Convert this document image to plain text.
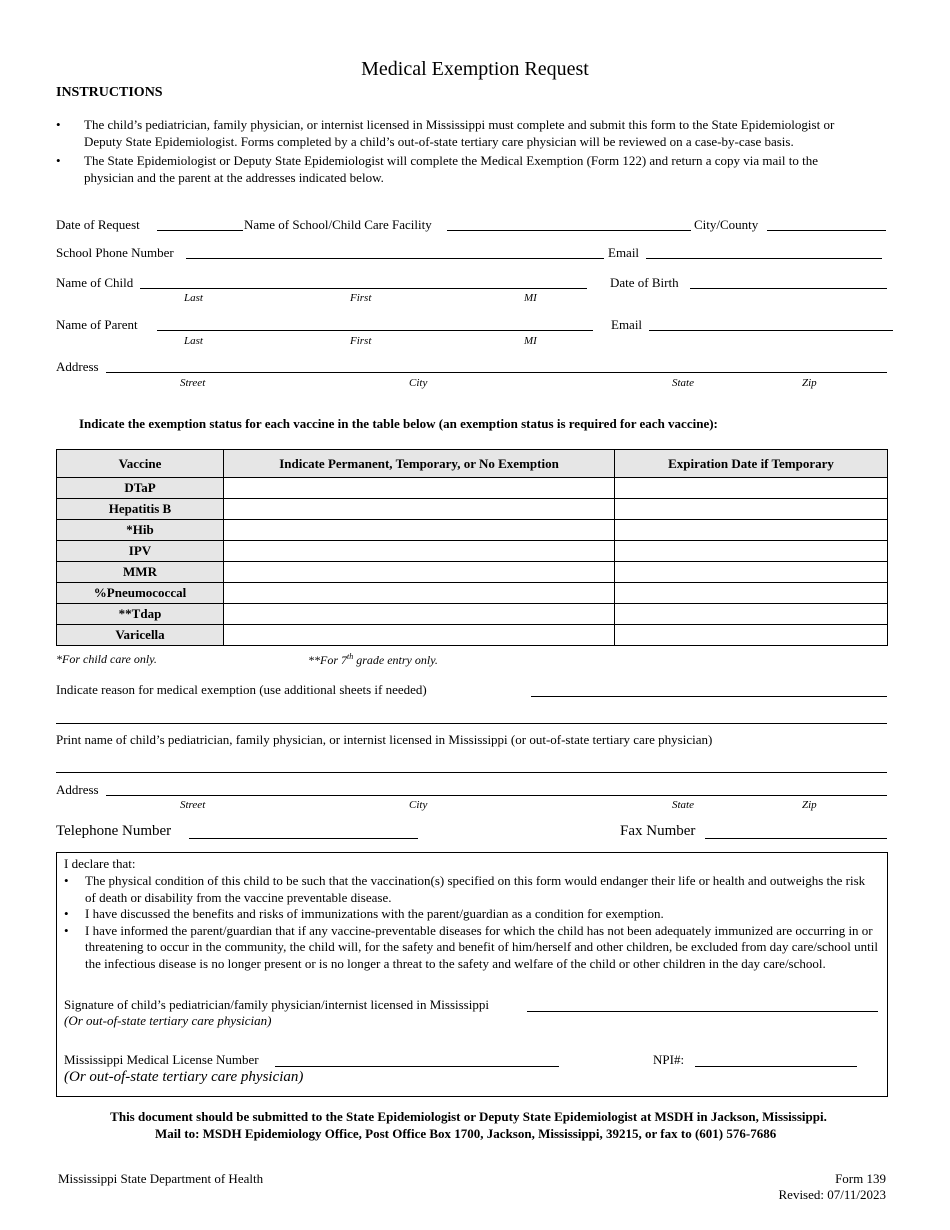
Medical Exemption Request
INSTRUCTIONS
• The child’s pediatrician, family physician, or internist licensed in Mississippi must complete and submit this form to the State Epidemiologist or Deputy State Epidemiologist. Forms completed by a child’s out-of-state tertiary care physician will be reviewed on a case-by-case basis.
• The State Epidemiologist or Deputy State Epidemiologist will complete the Medical Exemption (Form 122) and return a copy via mail to the physician and the parent at the addresses indicated below.
Date of Request	Name of School/Child Care Facility	City/County
School Phone Number	Email
Name of Child
Last	First	MI
Date of Birth
Name of Parent
Last	First	MI
Email
Address
Street	City	State	Zip
Indicate the exemption status for each vaccine in the table below (an exemption status is required for each vaccine):
Vaccine	Indicate Permanent, Temporary, or No Exemption	Expiration Date if Temporary
DTaP		
Hepatitis B		
*Hib		
IPV		
MMR		
%Pneumococcal		
**Tdap		
Varicella		
*For child care only.	**For 7th grade entry only.
Indicate reason for medical exemption (use additional sheets if needed)
Print name of child’s pediatrician, family physician, or internist licensed in Mississippi (or out-of-state tertiary care physician)
Address
Street	City	State	Zip
Telephone Number	Fax Number
I declare that:
• The physical condition of this child to be such that the vaccination(s) specified on this form would endanger their life or health and outweighs the risk of death or disability from the vaccine preventable disease.
• I have discussed the benefits and risks of immunizations with the parent/guardian as a condition for exemption.
• I have informed the parent/guardian that if any vaccine-preventable diseases for which the child has not been adequately immunized are occurring in or threatening to occur in the community, the child will, for the safety and benefit of him/herself and other children, be excluded from day care/school until the infectious disease is no longer present or is no longer a threat to the safety and welfare of the child or other children in the day care/school.
Signature of child’s pediatrician/family physician/internist licensed in Mississippi
(Or out-of-state tertiary care physician)
Mississippi Medical License Number	NPI#:
(Or out-of-state tertiary care physician)
This document should be submitted to the State Epidemiologist or Deputy State Epidemiologist at MSDH in Jackson, Mississippi.
Mail to: MSDH Epidemiology Office, Post Office Box 1700, Jackson, Mississippi, 39215, or fax to (601) 576-7686
Mississippi State Department of Health	Form 139
Revised: 07/11/2023
